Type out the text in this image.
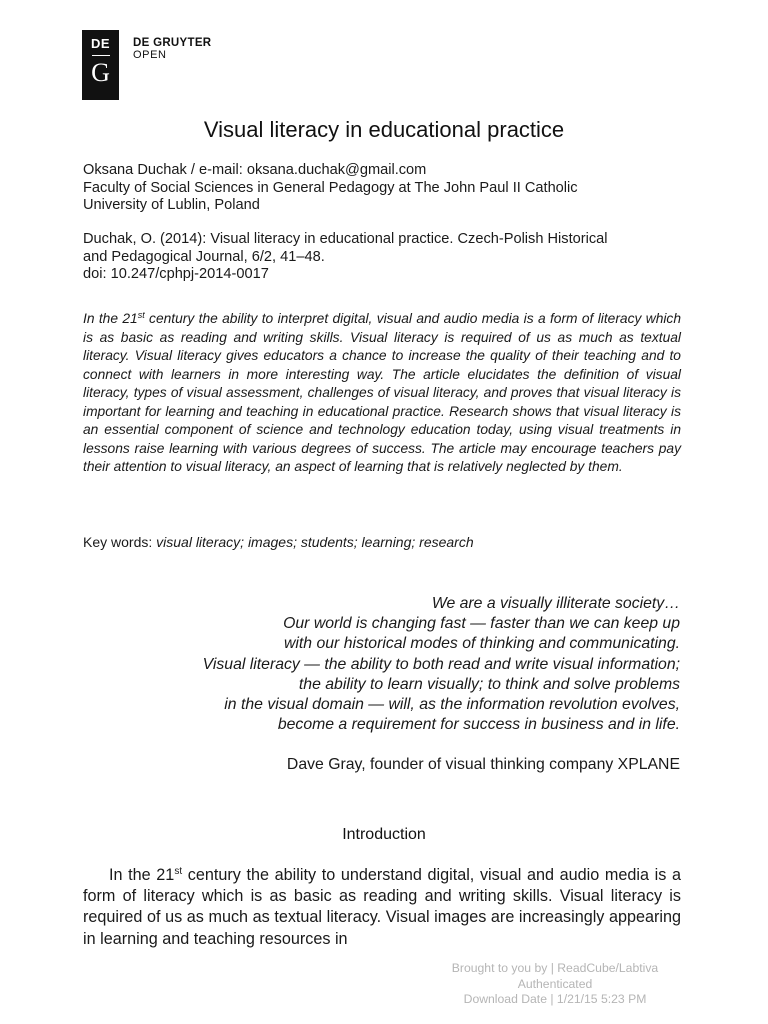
DE
G
DE GRUYTER
OPEN
Visual literacy in educational practice
Oksana Duchak / e-mail: oksana.duchak@gmail.com
Faculty of Social Sciences in General Pedagogy at The John Paul II Catholic
University of Lublin, Poland
Duchak, O. (2014): Visual literacy in educational practice. Czech-Polish Historical
and Pedagogical Journal, 6/2, 41–48.
doi: 10.247/cphpj-2014-0017
In the 21st century the ability to interpret digital, visual and audio media is a form of literacy which is as basic as reading and writing skills. Visual literacy is required of us as much as textual literacy. Visual literacy gives educators a chance to increase the quality of their teaching and to connect with learners in more interesting way. The article elucidates the definition of visual literacy, types of visual assessment, challenges of visual literacy, and proves that visual literacy is important for learning and teaching in educational practice. Research shows that visual literacy is an essential component of science and technology education today, using visual treatments in lessons raise learning with various degrees of success. The article may encourage teachers pay their attention to visual literacy, an aspect of learning that is relatively neglected by them.
Key words: visual literacy; images; students; learning; research
We are a visually illiterate society…
Our world is changing fast — faster than we can keep up
with our historical modes of thinking and communicating.
Visual literacy — the ability to both read and write visual information;
the ability to learn visually; to think and solve problems
in the visual domain — will, as the information revolution evolves,
become a requirement for success in business and in life.
Dave Gray, founder of visual thinking company XPLANE
Introduction
In the 21st century the ability to understand digital, visual and audio media is a form of literacy which is as basic as reading and writing skills. Visual literacy is required of us as much as textual literacy. Visual images are increasingly appearing in learning and teaching resources in
Brought to you by | ReadCube/Labtiva
Authenticated
Download Date | 1/21/15 5:23 PM
